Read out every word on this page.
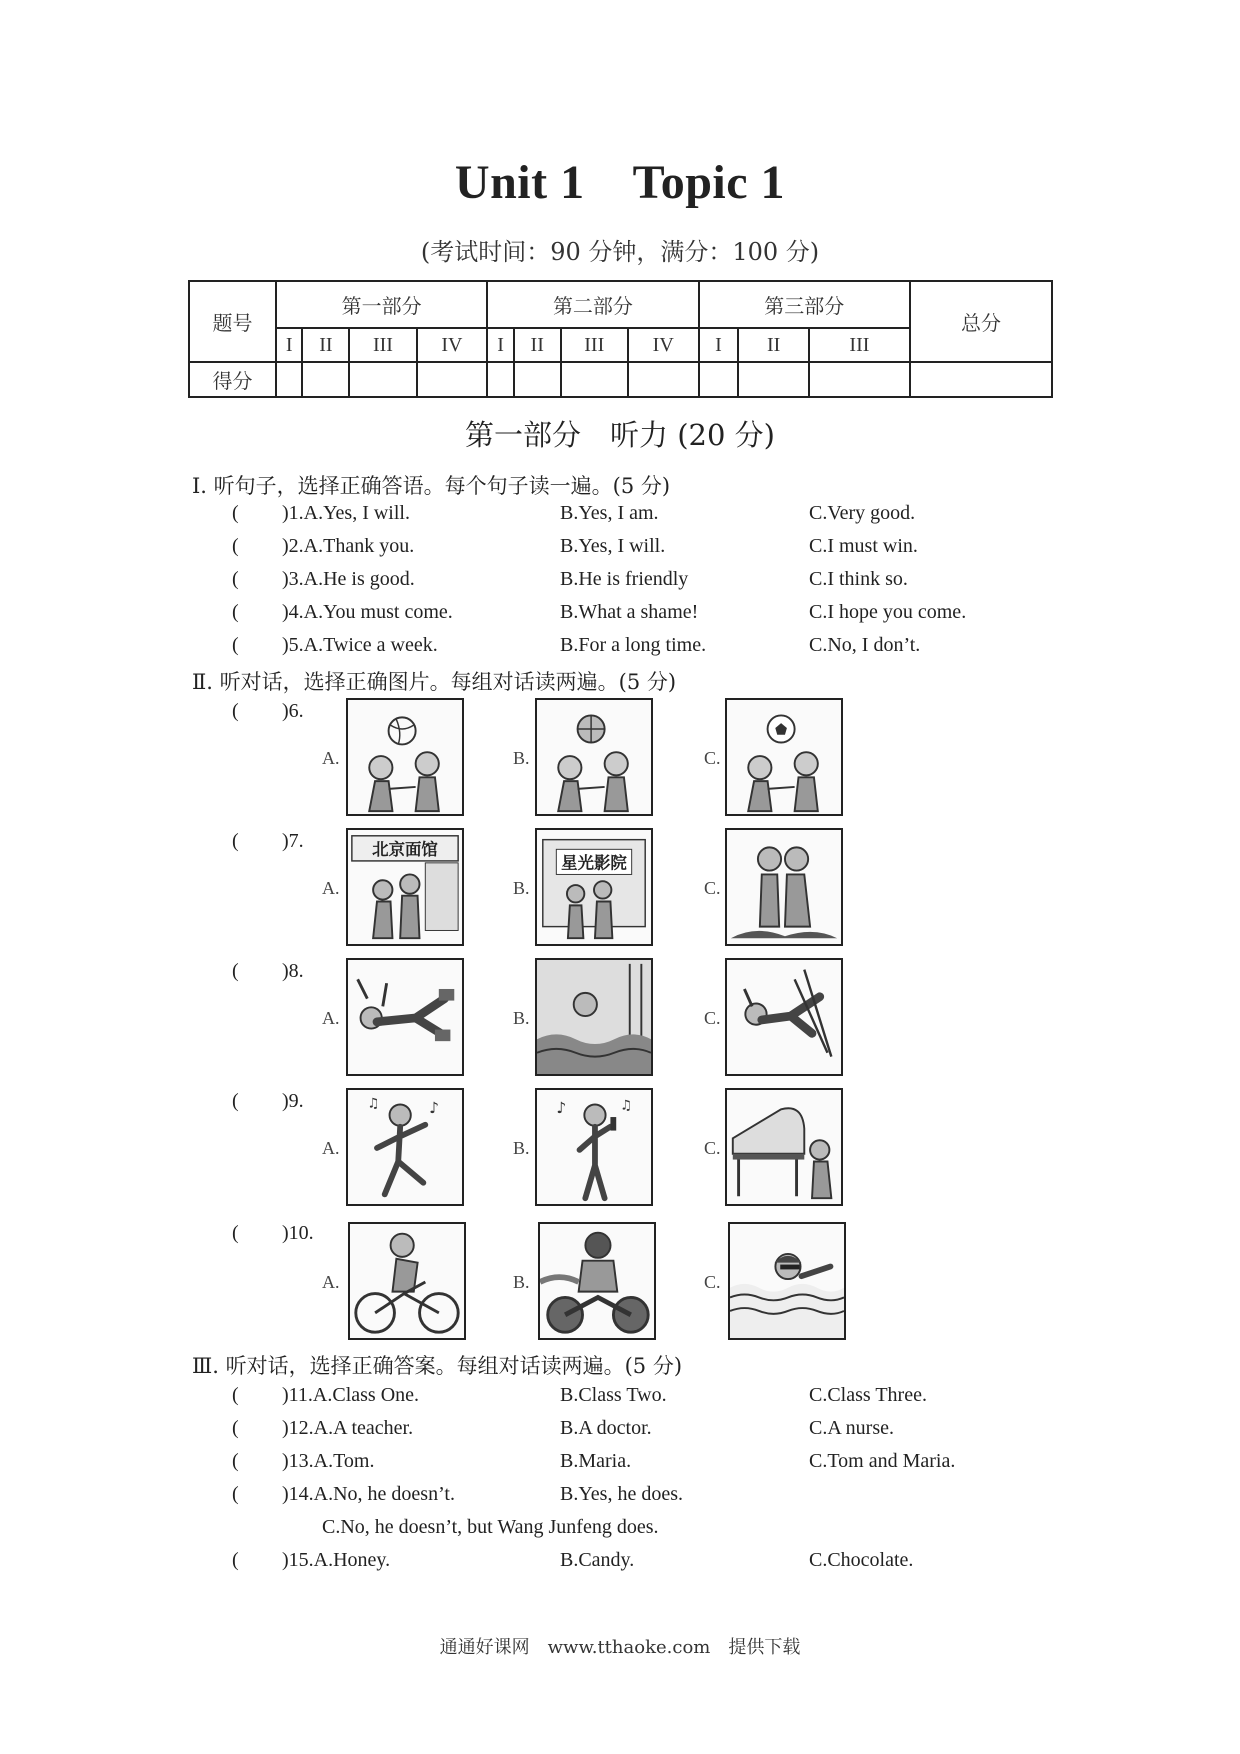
Unit 1 Topic 1
(考试时间：90 分钟，满分：100 分)
题号	第一部分				第二部分				第三部分			总分
	I	II	III	IV	I	II	III	IV	I	II	III	
得分												
第一部分　听力 (20 分)
Ⅰ. 听句子，选择正确答语。每个句子读一遍。(5 分)
( )1.A.Yes, I will.	B.Yes, I am.	C.Very good.
( )2.A.Thank you.	B.Yes, I will.	C.I must win.
( )3.A.He is good.	B.He is friendly	C.I think so.
( )4.A.You must come.	B.What a shame!	C.I hope you come.
( )5.A.Twice a week.	B.For a long time.	C.No, I don’t.
Ⅱ. 听对话，选择正确图片。每组对话读两遍。(5 分)
( )6.
A.	B.	C.
( )7.
A.	B.	C.
北京面馆
星光影院
( )8.
A.	B.	C.
( )9.
A.	B.	C.
♪
♫	♪	♫
( )10.
A.	B.	C.
Ⅲ. 听对话，选择正确答案。每组对话读两遍。(5 分)
( )11.A.Class One.	B.Class Two.	C.Class Three.
( )12.A.A teacher.	B.A doctor.	C.A nurse.
( )13.A.Tom.	B.Maria.	C.Tom and Maria.
( )14.A.No, he doesn’t.	B.Yes, he does.
C.No, he doesn’t, but Wang Junfeng does.
( )15.A.Honey.	B.Candy.	C.Chocolate.
通通好课网　www.tthaoke.com　提供下载
